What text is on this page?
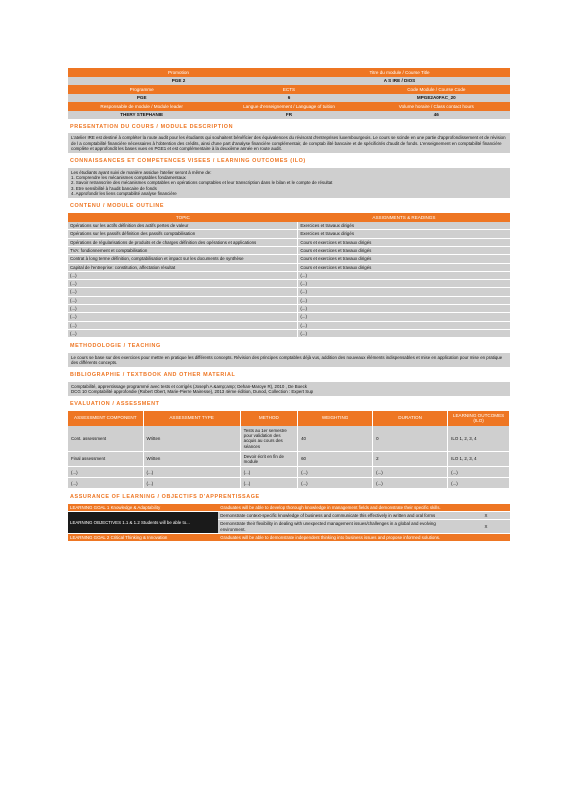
Promotion	Titre du module / Course Title
PGE 2	A S IRE / DIOS
Programme	ECTS	Code Module / Course Code
PGE	6	MPGE2A0FAC_20
Responsable de module / Module leader	Langue d'enseignement / Language of tuition	Volume horaire / Class contact hours
THERY STEPHANIE	FR	46
PRESENTATION DU COURS / MODULE DESCRIPTION

L'atelier IRE est destiné à compléter la route audit pour les étudiants qui souhaitent bénéficier des équivalences du révisorat d'entreprises luxembourgeois. Le cours se scinde en une partie d'approfondissement et de révision de l a comptabilité financière nécessaires à l'obtention des crédits, ainsi d'une part d'analyse financière complémentair, de comptab ilité bancaire et de spécificités d'audit de fonds. L'enseignement en comptabilité financière complète et approfondit les bases vues en PGE1 et est complémentaire à la deuxième année en route audit.

CONNAISSANCES ET COMPETENCES VISEES / LEARNING OUTCOMES (ILO)

Les étudiants ayant suivi de manière assidue l'atelier seront à même de:

1. Comprendre les mécanismes comptables fondamentaux

2. Savoir retranscrire des mécanismes comptables en opérations comptables et leur transcription dans le bilan et le compte de résultat

3. Etre sensibilité à l'audit bancaire de fonds

4. Approfondir les liens comptabilité analyse financière

CONTENU / MODULE OUTLINE
TOPIC	ASSIGNMENTS & READINGS
Opérations sur les actifs définition des actifs pertes de valeur	Exercices et travaux dirigés
Opérations sur les passifs définition des passifs comptabilisation	Exercices et travaux dirigés
Opérations de régularisations de produits et de charges définition des opérations et applications	Cours et exercices et travaux dirigés
TVA: fondionnement et comptabilisation	Cours et exercices et travaux dirigés
Contrat à long terme définition, comptabilisation et impact sur les documents de synthèse	Cours et exercices et travaux dirigés
Capital de l'entreprise: constitution, affectation résultat	Cours et exercices et travaux dirigés
(...)	(...)
(...)	(...)
(...)	(...)
(...)	(...)
(...)	(...)
(...)	(...)
(...)	(...)
(...)	(...)
METHODOLOGIE / TEACHING

Le cours se base sur des exercices pour mettre en pratique les différents concepts. Révision des principes comptables déjà vus, addition des nouveaux éléments indispensables et mise en application pour mise en pratique des différents concepts.

BIBLIOGRAPHIE / TEXTBOOK AND OTHER MATERIAL

Comptabilité, apprentissage programmé avec tests et corrigés (Joseph A &amp;amp; Dehan-Maroye R), 2010 , De Boeck

DCG 10 Comptabilité approfondie (Robert Obert, Marie-Pierre Mairesse), 2013 4ème édition, Dunod, Collection : Expert Sup

EVALUATION / ASSESSMENT
ASSESSMENT COMPONENT	ASSESSMENT TYPE	METHOD	WEIGHTING	DURATION	LEARNING OUTCOMES (ILO)
Cont. assessment	Written	Tests au 1er semestre pour validation des acquis au cours des séances	40	0	ILO 1, 2, 3, 4
Final assessment	Written	Devoir écrit en fin de module	60	2	ILO 1, 2, 3, 4
(...)	(...)	(...)	(...)	(...)	(...)
(...)	(...)	(...)	(...)	(...)	(...)
ASSURANCE OF LEARNING / OBJECTIFS D'APPRENTISSAGE
LEARNING GOAL 1 Knowledge & Adaptability	Graduates will be able to develop thorough knowledge in management fields and demonstrate their specific skills.	
LEARNING OBJECTIVES 1.1 & 1.2 Students will be able to...	Demonstrate context-specific knowledge of business and communicate this effectively in written and oral forms	X
	Demonstrate their flexibility in dealing with unexpected management issues/challenges in a global and evolving environment.	X
LEARNING GOAL 2 Critical Thinking & Innovation	Graduates will be able to demonstrate independent thinking into business issues and propose informed solutions.	
